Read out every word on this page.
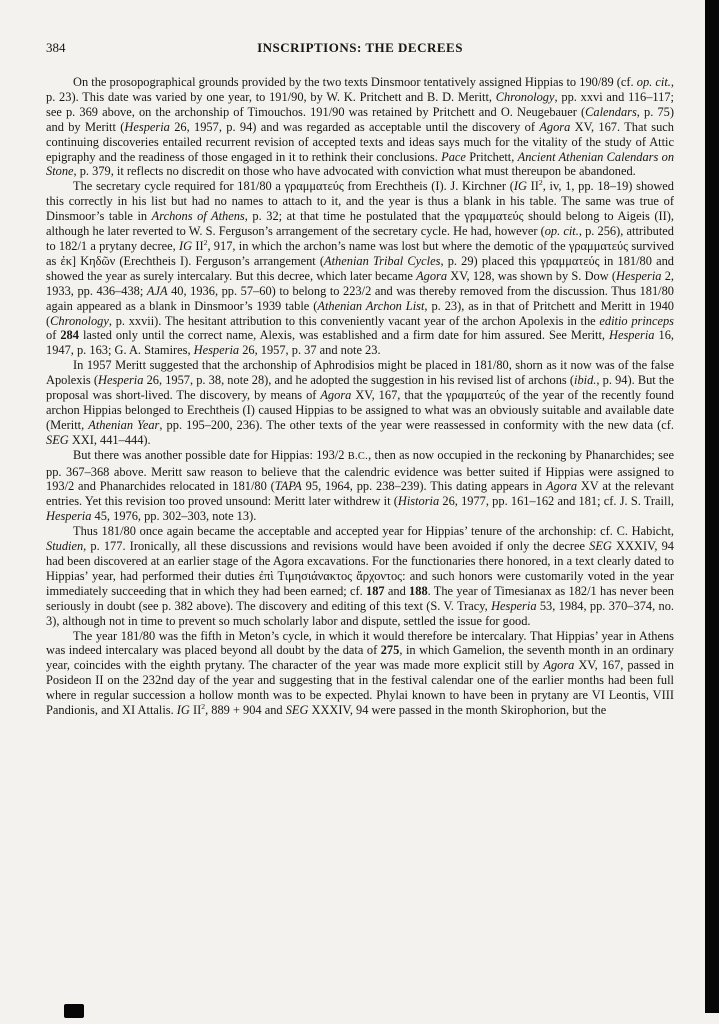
384	INSCRIPTIONS: THE DECREES

On the prosopographical grounds provided by the two texts Dinsmoor tentatively assigned Hippias to 190/89 (cf. op. cit., p. 23). This date was varied by one year, to 191/90, by W. K. Pritchett and B. D. Meritt, Chronology, pp. xxvi and 116–117; see p. 369 above, on the archonship of Timouchos. 191/90 was retained by Pritchett and O. Neugebauer (Calendars, p. 75) and by Meritt (Hesperia 26, 1957, p. 94) and was regarded as acceptable until the discovery of Agora XV, 167. That such continuing discoveries entailed recurrent revision of accepted texts and ideas says much for the vitality of the study of Attic epigraphy and the readiness of those engaged in it to rethink their conclusions. Pace Pritchett, Ancient Athenian Calendars on Stone, p. 379, it reflects no discredit on those who have advocated with conviction what must thereupon be abandoned.

The secretary cycle required for 181/80 a γραμματεύς from Erechtheis (I). J. Kirchner (IG $II^2$, iv, 1, pp. 18–19) showed this correctly in his list but had no names to attach to it, and the year is thus a blank in his table. The same was true of Dinsmoor’s table in Archons of Athens, p. 32; at that time he postulated that the γραμματεύς should belong to Aigeis (II), although he later reverted to W. S. Ferguson’s arrangement of the secretary cycle. He had, however (op. cit., p. 256), attributed to 182/1 a prytany decree, IG $II^2$, 917, in which the archon’s name was lost but where the demotic of the γραμματεύς survived as ἐκ] Κηδῶν (Erechtheis I). Ferguson’s arrangement (Athenian Tribal Cycles, p. 29) placed this γραμματεύς in 181/80 and showed the year as surely intercalary. But this decree, which later became Agora XV, 128, was shown by S. Dow (Hesperia 2, 1933, pp. 436–438; AJA 40, 1936, pp. 57–60) to belong to 223/2 and was thereby removed from the discussion. Thus 181/80 again appeared as a blank in Dinsmoor’s 1939 table (Athenian Archon List, p. 23), as in that of Pritchett and Meritt in 1940 (Chronology, p. xxvii). The hesitant attribution to this conveniently vacant year of the archon Apolexis in the editio princeps of 284 lasted only until the correct name, Alexis, was established and a firm date for him assured. See Meritt, Hesperia 16, 1947, p. 163; G. A. Stamires, Hesperia 26, 1957, p. 37 and note 23.

In 1957 Meritt suggested that the archonship of Aphrodisios might be placed in 181/80, shorn as it now was of the false Apolexis (Hesperia 26, 1957, p. 38, note 28), and he adopted the suggestion in his revised list of archons (ibid., p. 94). But the proposal was short-lived. The discovery, by means of Agora XV, 167, that the γραμματεύς of the year of the recently found archon Hippias belonged to Erechtheis (I) caused Hippias to be assigned to what was an obviously suitable and available date (Meritt, Athenian Year, pp. 195–200, 236). The other texts of the year were reassessed in conformity with the new data (cf. SEG XXI, 441–444).

But there was another possible date for Hippias: 193/2 B.C., then as now occupied in the reckoning by Phanarchides; see pp. 367–368 above. Meritt saw reason to believe that the calendric evidence was better suited if Hippias were assigned to 193/2 and Phanarchides relocated in 181/80 (TAPA 95, 1964, pp. 238–239). This dating appears in Agora XV at the relevant entries. Yet this revision too proved unsound: Meritt later withdrew it (Historia 26, 1977, pp. 161–162 and 181; cf. J. S. Traill, Hesperia 45, 1976, pp. 302–303, note 13).

Thus 181/80 once again became the acceptable and accepted year for Hippias’ tenure of the archonship: cf. C. Habicht, Studien, p. 177. Ironically, all these discussions and revisions would have been avoided if only the decree SEG XXXIV, 94 had been discovered at an earlier stage of the Agora excavations. For the functionaries there honored, in a text clearly dated to Hippias’ year, had performed their duties ἐπὶ Τιμησιάνακτος ἄρχοντος: and such honors were customarily voted in the year immediately succeeding that in which they had been earned; cf. 187 and 188. The year of Timesianax as 182/1 has never been seriously in doubt (see p. 382 above). The discovery and editing of this text (S. V. Tracy, Hesperia 53, 1984, pp. 370–374, no. 3), although not in time to prevent so much scholarly labor and dispute, settled the issue for good.

The year 181/80 was the fifth in Meton’s cycle, in which it would therefore be intercalary. That Hippias’ year in Athens was indeed intercalary was placed beyond all doubt by the data of 275, in which Gamelion, the seventh month in an ordinary year, coincides with the eighth prytany. The character of the year was made more explicit still by Agora XV, 167, passed in Posideon II on the 232nd day of the year and suggesting that in the festival calendar one of the earlier months had been full where in regular succession a hollow month was to be expected. Phylai known to have been in prytany are VI Leontis, VIII Pandionis, and XI Attalis. IG $II^2$, 889 + 904 and SEG XXXIV, 94 were passed in the month Skirophorion, but the
